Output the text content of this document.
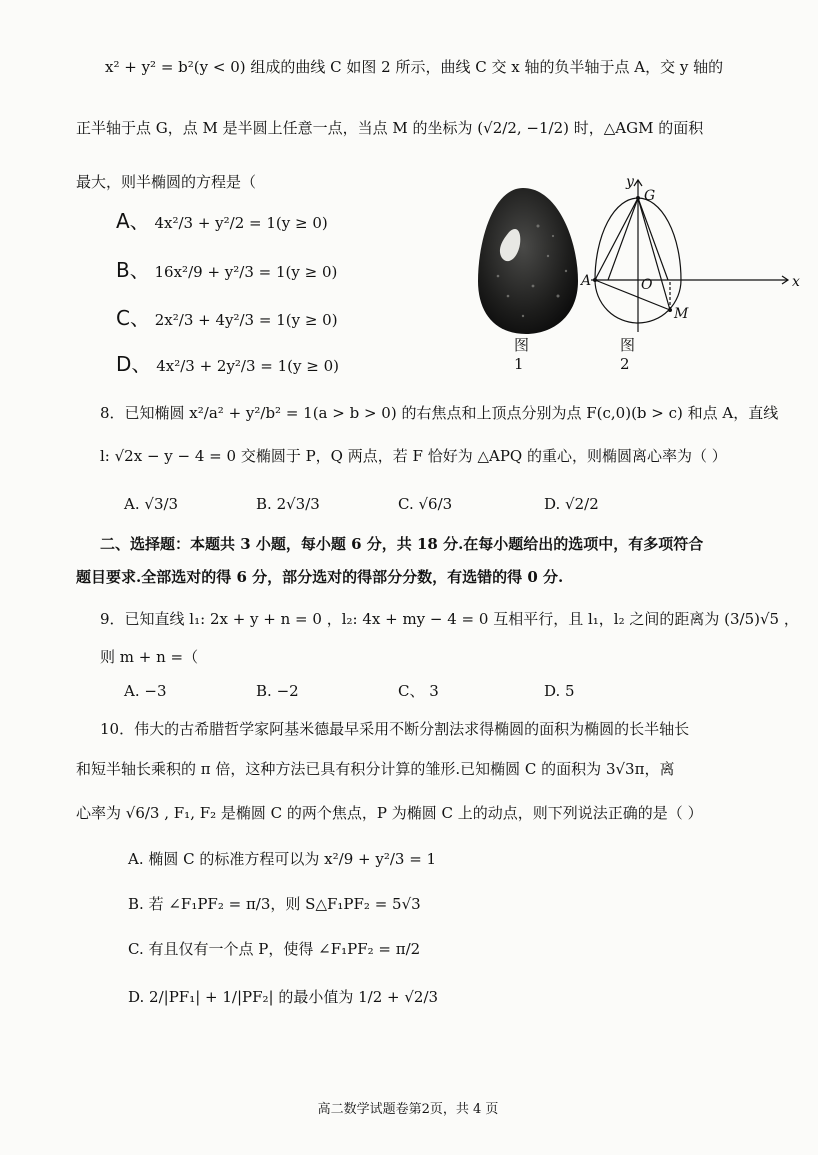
x² + y² = b²(y < 0) 组成的曲线 C 如图 2 所示，曲线 C 交 x 轴的负半轴于点 A，交 y 轴的
正半轴于点 G，点 M 是半圆上任意一点，当点 M 的坐标为 (√2/2, −1/2) 时，△AGM 的面积
最大，则半椭圆的方程是（
A、 4x²/3 + y²/2 = 1(y ≥ 0)
B、 16x²/9 + y²/3 = 1(y ≥ 0)
C、 2x²/3 + 4y²/3 = 1(y ≥ 0)
D、 4x²/3 + 2y²/3 = 1(y ≥ 0)
图1
y
x
G
A	O
M
图2
8．已知椭圆 x²/a² + y²/b² = 1(a > b > 0) 的右焦点和上顶点分别为点 F(c,0)(b > c) 和点 A，直线
l: √2x − y − 4 = 0 交椭圆于 P，Q 两点，若 F 恰好为 △APQ 的重心，则椭圆离心率为（ ）
A. √3/3	B. 2√3/3	C. √6/3	D. √2/2
二、选择题：本题共 3 小题，每小题 6 分，共 18 分.在每小题给出的选项中，有多项符合
题目要求.全部选对的得 6 分，部分选对的得部分分数，有选错的得 0 分.
9．已知直线 l₁: 2x + y + n = 0 ，l₂: 4x + my − 4 = 0 互相平行，且 l₁，l₂ 之间的距离为 (3/5)√5 ，
则 m + n =（
A. −3	B. −2	C、 3	D. 5
10．伟大的古希腊哲学家阿基米德最早采用不断分割法求得椭圆的面积为椭圆的长半轴长
和短半轴长乘积的 π 倍，这种方法已具有积分计算的雏形.已知椭圆 C 的面积为 3√3π，离
心率为 √6/3 , F₁, F₂ 是椭圆 C 的两个焦点，P 为椭圆 C 上的动点，则下列说法正确的是（ ）
A. 椭圆 C 的标准方程可以为 x²/9 + y²/3 = 1
B. 若 ∠F₁PF₂ = π/3，则 S△F₁PF₂ = 5√3
C. 有且仅有一个点 P，使得 ∠F₁PF₂ = π/2
D. 2/|PF₁| + 1/|PF₂| 的最小值为 1/2 + √2/3
高二数学试题卷第2页，共 4 页
